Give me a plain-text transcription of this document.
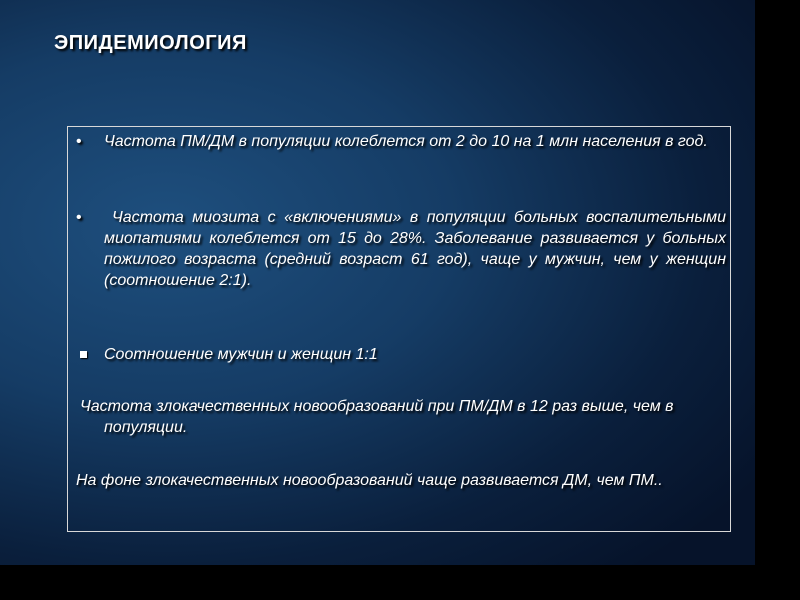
ЭПИДЕМИОЛОГИЯ
•	Частота ПМ/ДМ в популяции колеблется от 2 до 10 на 1 млн населения в год.

•	Частота миозита с «включениями» в популяции больных воспалительными миопатиями колеблется от 15 до 28%. Заболевание развивается у больных пожилого возраста (средний возраст 61 год), чаще у мужчин, чем у женщин (соотношение 2:1).

Соотношение мужчин и женщин 1:1

Частота злокачественных новообразований при ПМ/ДМ в 12 раз выше, чем в популяции.

На фоне злокачественных новообразований чаще развивается ДМ, чем ПМ..
